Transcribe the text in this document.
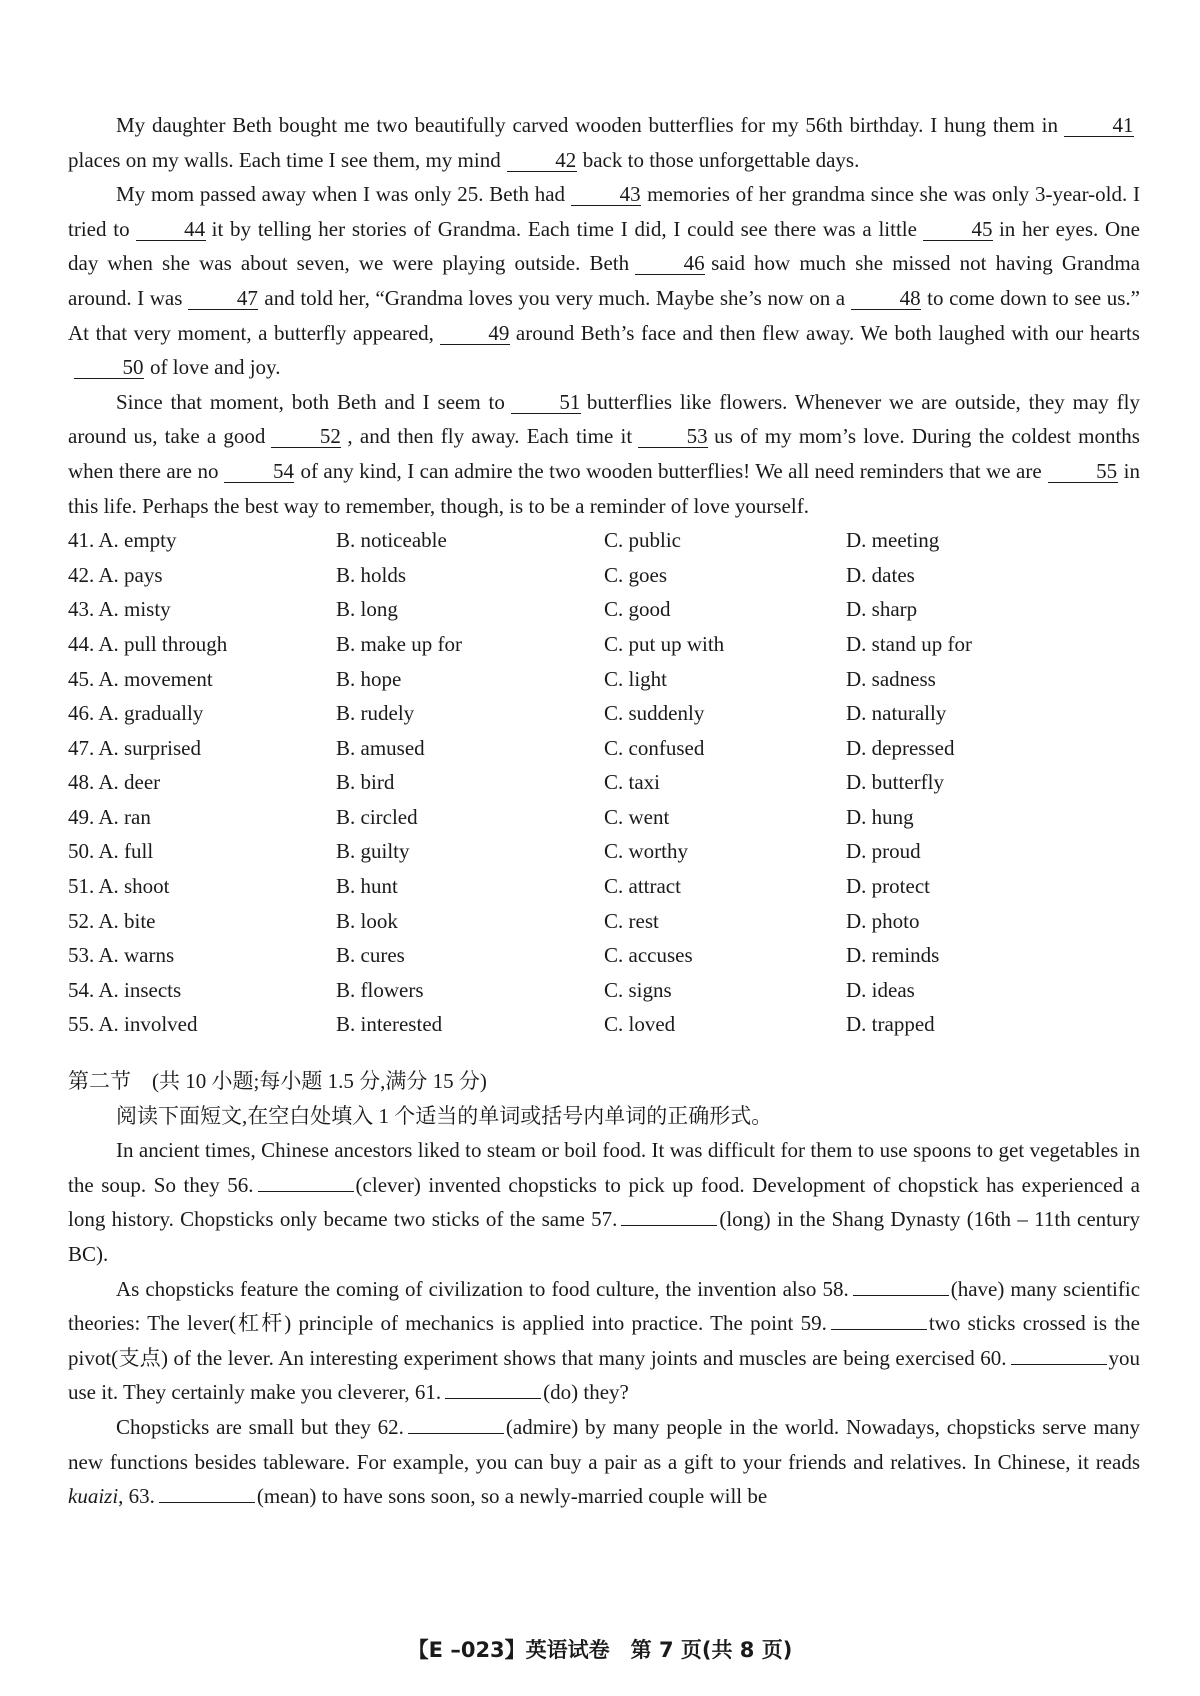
My daughter Beth bought me two beautifully carved wooden butterflies for my 56th birthday. I hung them in	41places on my walls. Each time I see them, my mind	42 back to those unforgettable days.

My mom passed away when I was only 25. Beth had	43 memories of her grandma since she was only 3-year-old. I tried to	44 it by telling her stories of Grandma. Each time I did, I could see there was a little	45 in her eyes. One day when she was about seven, we were playing outside. Beth	46 said how much she missed not having Grandma around. I was	47 and told her, “Grandma loves you very much. Maybe she’s now on a	48 to come down to see us.” At that very moment, a butterfly appeared,	49 around Beth’s face and then flew away. We both laughed with our hearts50 of love and joy.

Since that moment, both Beth and I seem to	51 butterflies like flowers. Whenever we are outside, they may fly around us, take a good	52 , and then fly away. Each time it	53 us of my mom’s love. During the coldest months when there are no	54 of any kind, I can admire the two wooden butterflies! We all need reminders that we are	55 in this life. Perhaps the best way to remember, though, is to be a reminder of love yourself.

41. A. empty	B. noticeable	C. public	D. meeting
42. A. pays	B. holds	C. goes	D. dates
43. A. misty	B. long	C. good	D. sharp
44. A. pull through	B. make up for	C. put up with	D. stand up for
45. A. movement	B. hope	C. light	D. sadness
46. A. gradually	B. rudely	C. suddenly	D. naturally
47. A. surprised	B. amused	C. confused	D. depressed
48. A. deer	B. bird	C. taxi	D. butterfly
49. A. ran	B. circled	C. went	D. hung
50. A. full	B. guilty	C. worthy	D. proud
51. A. shoot	B. hunt	C. attract	D. protect
52. A. bite	B. look	C. rest	D. photo
53. A. warns	B. cures	C. accuses	D. reminds
54. A. insects	B. flowers	C. signs	D. ideas
55. A. involved	B. interested	C. loved	D. trapped
第二节　(共 10 小题;每小题 1.5 分,满分 15 分)

阅读下面短文,在空白处填入 1 个适当的单词或括号内单词的正确形式。

In ancient times, Chinese ancestors liked to steam or boil food. It was difficult for them to use spoons to get vegetables in the soup. So they 56.	(clever) invented chopsticks to pick up food. Development of chopstick has experienced a long history. Chopsticks only became two sticks of the same 57.	(long) in the Shang Dynasty (16th – 11th century BC).

As chopsticks feature the coming of civilization to food culture, the invention also 58.	(have) many scientific theories: The lever(杠杆) principle of mechanics is applied into practice. The point 59.	two sticks crossed is the pivot(支点) of the lever. An interesting experiment shows that many joints and muscles are being exercised 60.	you use it. They certainly make you cleverer, 61.	(do) they?

Chopsticks are small but they 62.	(admire) by many people in the world. Nowadays, chopsticks serve many new functions besides tableware. For example, you can buy a pair as a gift to your friends and relatives. In Chinese, it reads kuaizi, 63.	(mean) to have sons soon, so a newly-married couple will be

【E –023】英语试卷　第 7 页(共 8 页)
